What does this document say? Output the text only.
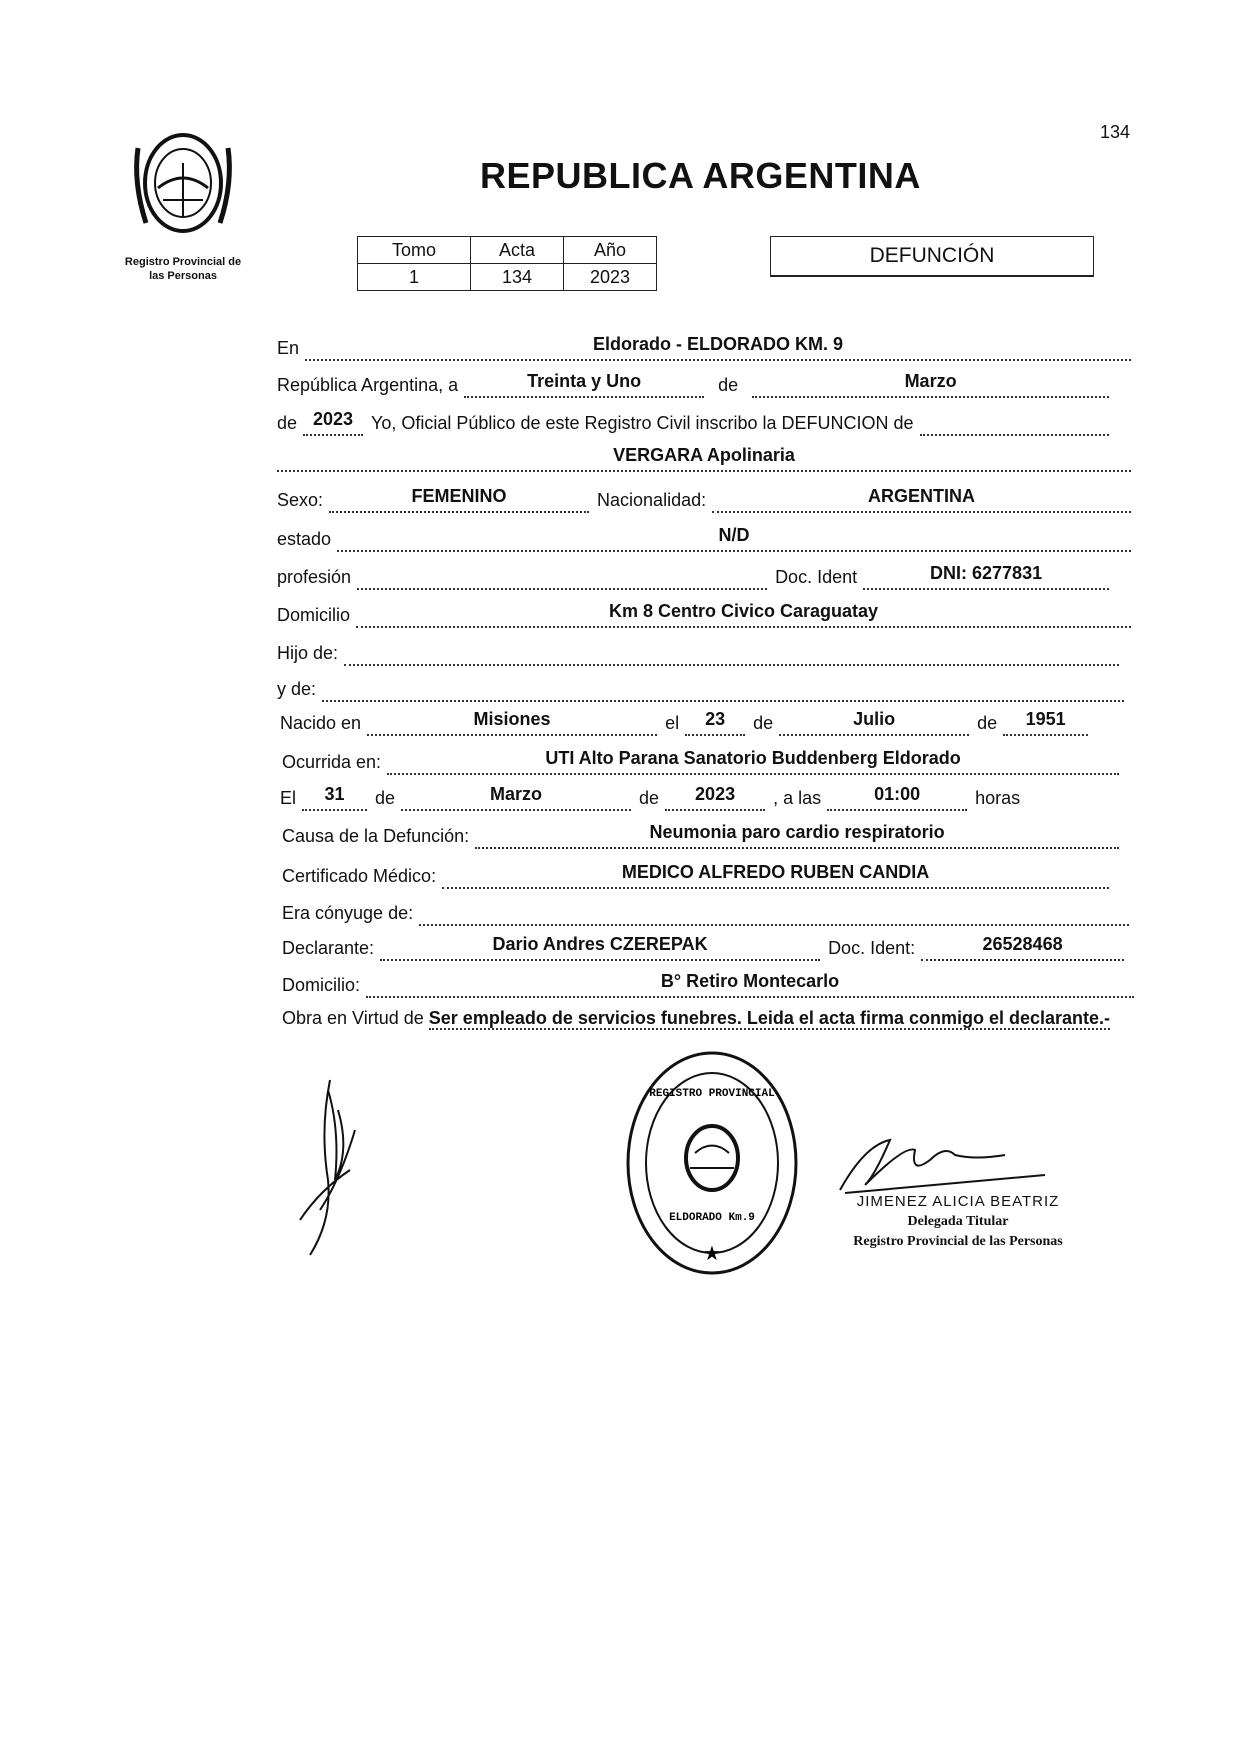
134
Registro Provincial de
las Personas
REPUBLICA ARGENTINA
Tomo	Acta	Año
1	134	2023
DEFUNCIÓN
En	Eldorado - ELDORADO KM. 9
República Argentina, a	Treinta y Uno	de	Marzo
de 2023 Yo, Oficial Público de este Registro Civil inscribo la DEFUNCION de
VERGARA Apolinaria
Sexo:	FEMENINO	Nacionalidad:	ARGENTINA
estado	N/D
profesión	Doc. Ident	DNI: 6277831
Domicilio	Km 8 Centro Civico Caraguatay
Hijo de:
y de:
Nacido en	Misiones	el	23	de	Julio	de	1951
Ocurrida en:	UTI Alto Parana Sanatorio Buddenberg Eldorado
El	31	de	Marzo	de	2023	, a las	01:00	horas
Causa de la Defunción:	Neumonia paro cardio respiratorio
Certificado Médico:	MEDICO ALFREDO RUBEN CANDIA
Era cónyuge de:
Declarante:	Dario Andres CZEREPAK	Doc. Ident:	26528468
Domicilio:	B° Retiro Montecarlo
Obra en Virtud de Ser empleado de servicios funebres. Leida el acta firma conmigo el declarante.-
★
REGISTRO PROVINCIAL
ELDORADO Km.9
JIMENEZ ALICIA BEATRIZ
Delegada Titular
Registro Provincial de las Personas
